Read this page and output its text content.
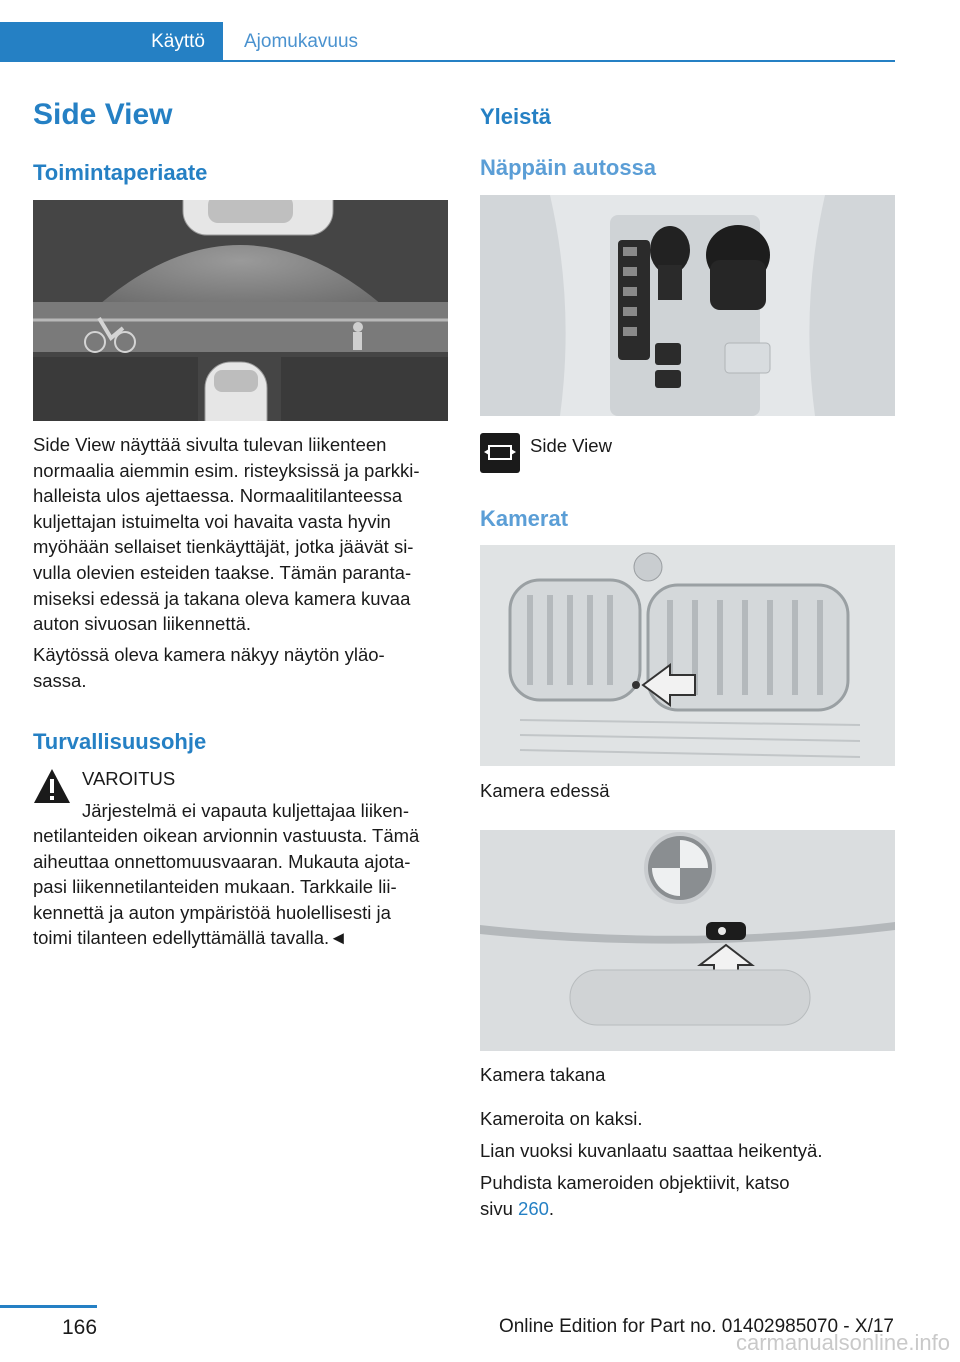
Käyttö	Ajomukavuus
Side View
Toimintaperiaate

Side View näyttää sivulta tulevan liikenteen
normaalia aiemmin esim. risteyksissä ja parkki‐
halleista ulos ajettaessa. Normaalitilanteessa
kuljettajan istuimelta voi havaita vasta hyvin
myöhään sellaiset tienkäyttäjät, jotka jäävät si‐
vulla olevien esteiden taakse. Tämän paranta‐
miseksi edessä ja takana oleva kamera kuvaa
auton sivuosan liikennettä.

Käytössä oleva kamera näkyy näytön yläo‐
sassa.

Turvallisuusohje
VAROITUS
Järjestelmä ei vapauta kuljettajaa liiken‐

netilanteiden oikean arvionnin vastuusta. Tämä
aiheuttaa onnettomuusvaaran. Mukauta ajota‐
pasi liikennetilanteiden mukaan. Tarkkaile lii‐
kennettä ja auton ympäristöä huolellisesti ja
toimi tilanteen edellyttämällä tavalla.◄

Yleistä
Näppäin autossa
Side View
Kamerat
Kamera edessä
Kamera takana
Kameroita on kaksi.
Lian vuoksi kuvanlaatu saattaa heikentyä.

Puhdista kameroiden objektiivit, katso
sivu 260.

166	Online Edition for Part no. 01402985070 - X/17
carmanualsonline.info
